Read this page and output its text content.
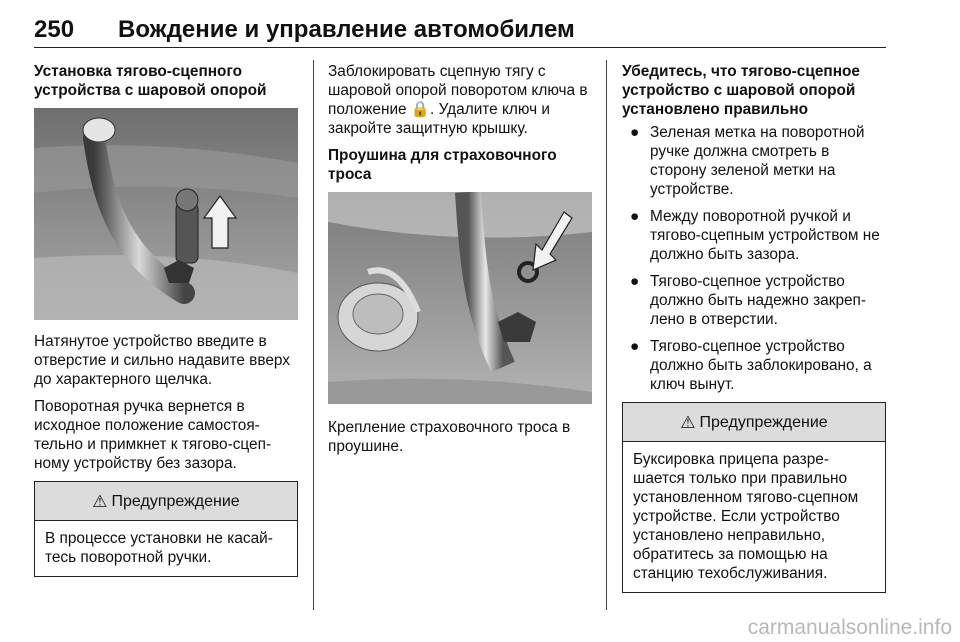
250 Вождение и управление автомобилем
Установка тягово-сцепного устройства с шаровой опорой

Натянутое устройство введите в отверстие и сильно надавите вверх до характерного щелчка.

Поворотная ручка вернется в исходное положение самостоя-тельно и примкнет к тягово-сцеп-ному устройству без зазора.

⚠ Предупреждение
В процессе установки не касай-тесь поворотной ручки.

Заблокировать сцепную тягу с шаровой опорой поворотом ключа в положение 🔒. Удалите ключ и закройте защитную крышку.

Проушина для страховочного троса

Крепление страховочного троса в проушине.

Убедитесь, что тягово-сцепное устройство с шаровой опорой установлено правильно
● Зеленая метка на поворотной ручке должна смотреть в сторону зеленой метки на устройстве.
● Между поворотной ручкой и тягово-сцепным устройством не должно быть зазора.
● Тягово-сцепное устройство должно быть надежно закреп-лено в отверстии.
● Тягово-сцепное устройство должно быть заблокировано, а ключ вынут.
⚠ Предупреждение
Буксировка прицепа разре-шается только при правильно установленном тягово-сцепном устройстве. Если устройство установлено неправильно, обратитесь за помощью на станцию техобслуживания.
carmanualsonline.info
